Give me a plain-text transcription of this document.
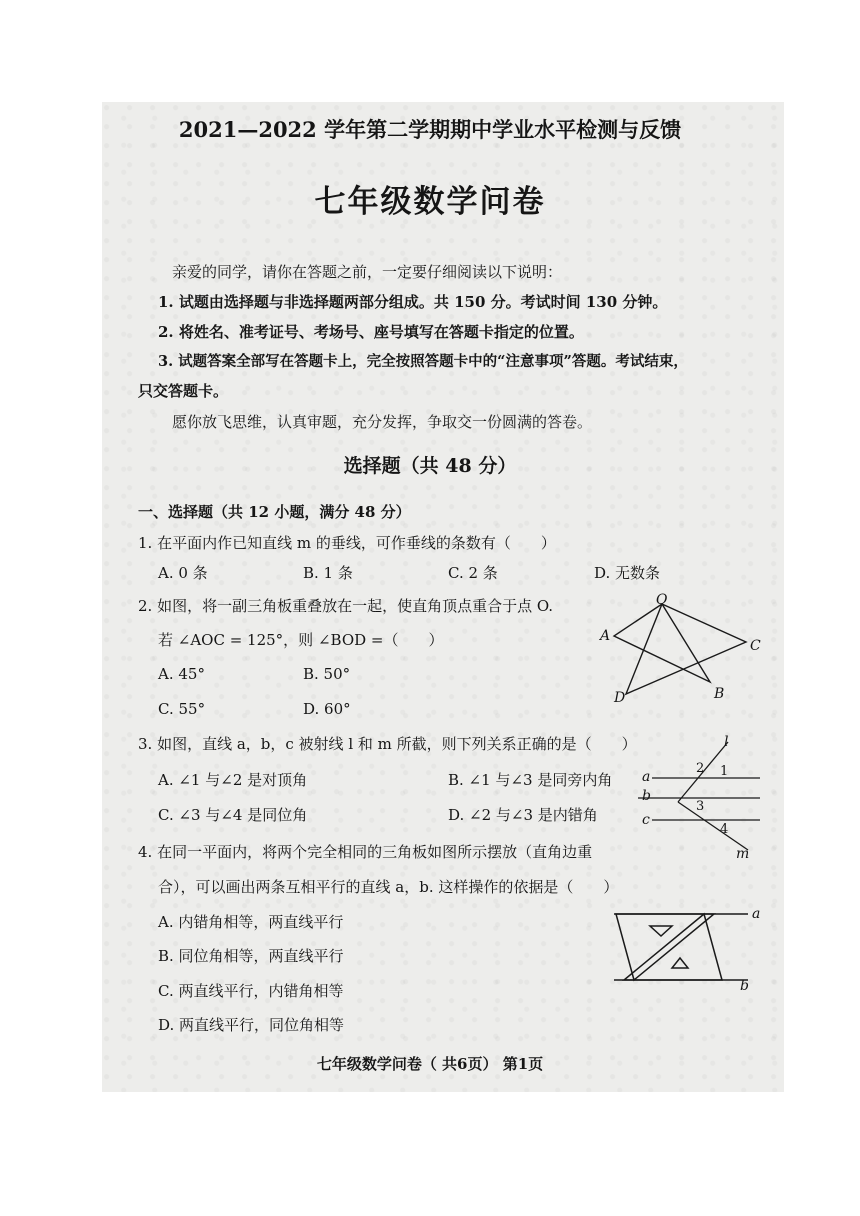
2021—2022 学年第二学期期中学业水平检测与反馈
七年级数学问卷
亲爱的同学，请你在答题之前，一定要仔细阅读以下说明：
1. 试题由选择题与非选择题两部分组成。共 150 分。考试时间 130 分钟。
2. 将姓名、准考证号、考场号、座号填写在答题卡指定的位置。
3. 试题答案全部写在答题卡上，完全按照答题卡中的“注意事项”答题。考试结束，
只交答题卡。
愿你放飞思维，认真审题，充分发挥，争取交一份圆满的答卷。
选择题（共 48 分）
一、选择题（共 12 小题，满分 48 分）
1. 在平面内作已知直线 m 的垂线，可作垂线的条数有（　　）
A. 0 条	B. 1 条	C. 2 条	D. 无数条
2. 如图，将一副三角板重叠放在一起，使直角顶点重合于点 O.
若 ∠AOC = 125°，则 ∠BOD =（　　）
A. 45°	B. 50°
C. 55°	D. 60°
O
A
C
D	B
3. 如图，直线 a，b，c 被射线 l 和 m 所截，则下列关系正确的是（　　）
A. ∠1 与∠2 是对顶角	B. ∠1 与∠3 是同旁内角
C. ∠3 与∠4 是同位角	D. ∠2 与∠3 是内错角
l
a
b
c
m
1
2
3
4
4. 在同一平面内，将两个完全相同的三角板如图所示摆放（直角边重
合），可以画出两条互相平行的直线 a，b. 这样操作的依据是（　　）
A. 内错角相等，两直线平行
B. 同位角相等，两直线平行
C. 两直线平行，内错角相等
D. 两直线平行，同位角相等
a
b
七年级数学问卷（ 共6页） 第1页
